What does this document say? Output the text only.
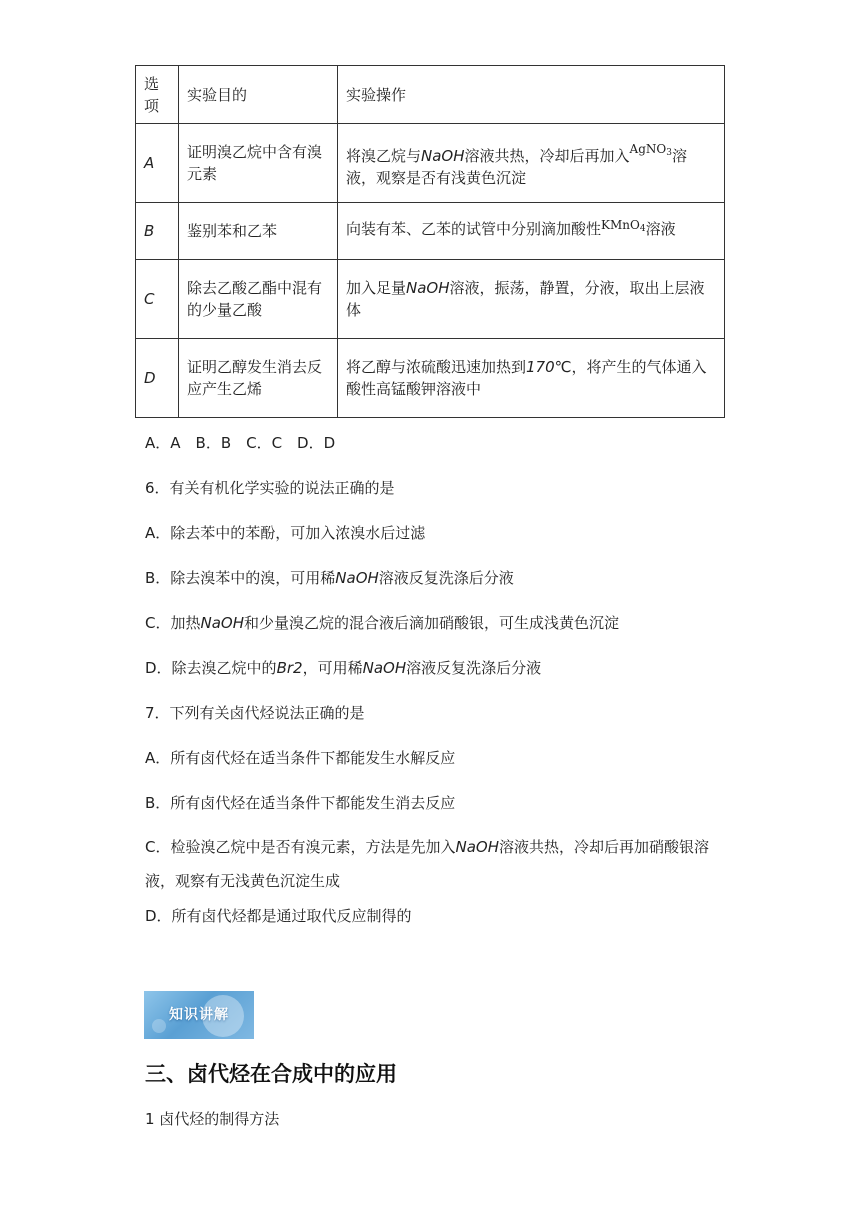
选项	实验目的	实验操作
A	证明溴乙烷中含有溴元素	将溴乙烷与NaOH溶液共热，冷却后再加入$^{AgNO_3}$溶液，观察是否有浅黄色沉淀
B	鉴别苯和乙苯	向装有苯、乙苯的试管中分别滴加酸性$^{KMnO_4}$溶液
C	除去乙酸乙酯中混有的少量乙酸	加入足量NaOH溶液，振荡，静置，分液，取出上层液体
D	证明乙醇发生消去反应产生乙烯	将乙醇与浓硫酸迅速加热到170℃，将产生的气体通入酸性高锰酸钾溶液中
A．A　B．B　C．C　D．D
6．有关有机化学实验的说法正确的是
A．除去苯中的苯酚，可加入浓溴水后过滤
B．除去溴苯中的溴，可用稀NaOH溶液反复洗涤后分液
C．加热NaOH和少量溴乙烷的混合液后滴加硝酸银，可生成浅黄色沉淀
D．除去溴乙烷中的Br2，可用稀NaOH溶液反复洗涤后分液
7．下列有关卤代烃说法正确的是
A．所有卤代烃在适当条件下都能发生水解反应
B．所有卤代烃在适当条件下都能发生消去反应
C．检验溴乙烷中是否有溴元素，方法是先加入NaOH溶液共热，冷却后再加硝酸银溶液，观察有无浅黄色沉淀生成
D．所有卤代烃都是通过取代反应制得的
知识讲解
三、卤代烃在合成中的应用
1 卤代烃的制得方法
